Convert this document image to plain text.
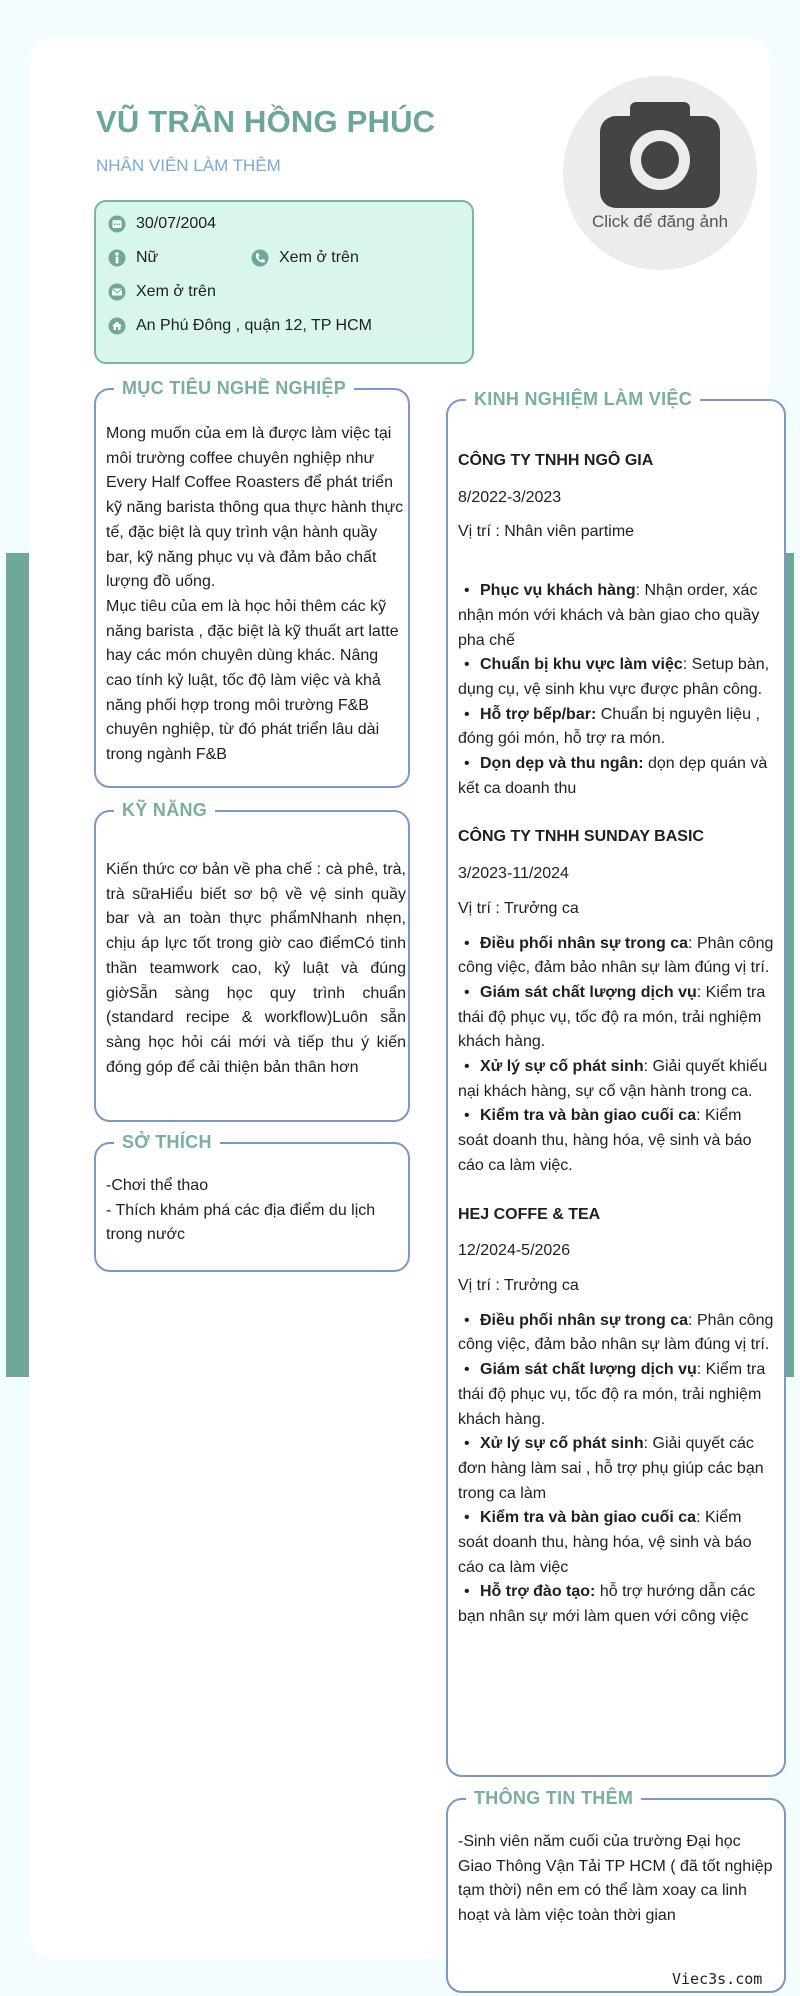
VŨ TRẦN HỒNG PHÚC
NHÂN VIÊN LÀM THÊM
Click để đăng ảnh
30/07/2004
Nữ	Xem ở trên
Xem ở trên
An Phú Đông , quận 12, TP HCM
MỤC TIÊU NGHỀ NGHIỆP
Mong muốn của em là được làm việc tại môi trường coffee chuyên nghiệp như Every Half Coffee Roasters để phát triển kỹ năng barista thông qua thực hành thực tế, đặc biệt là quy trình vận hành quầy bar, kỹ năng phục vụ và đảm bảo chất lượng đồ uống.
Mục tiêu của em là học hỏi thêm các kỹ năng barista , đặc biệt là kỹ thuất art latte hay các món chuyên dùng khác. Nâng cao tính kỷ luật, tốc độ làm việc và khả năng phối hợp trong môi trường F&B chuyên nghiệp, từ đó phát triển lâu dài trong ngành F&B
KỸ NĂNG
Kiến thức cơ bản về pha chế : cà phê, trà, trà sữaHiểu biết sơ bộ về vệ sinh quầy bar và an toàn thực phẩmNhanh nhẹn, chịu áp lực tốt trong giờ cao điểmCó tinh thần teamwork cao, kỷ luật và đúng giờSẵn sàng học quy trình chuẩn (standard recipe & workflow)Luôn sẵn sàng học hỏi cái mới và tiếp thu ý kiến đóng góp để cải thiện bản thân hơn
SỞ THÍCH
-Chơi thể thao
- Thích khám phá các địa điểm du lịch trong nước
KINH NGHIỆM LÀM VIỆC
CÔNG TY TNHH NGÔ GIA
8/2022-3/2023
Vị trí : Nhân viên partime
• Phục vụ khách hàng: Nhận order, xác nhận món với khách và bàn giao cho quầy pha chế
• Chuẩn bị khu vực làm việc: Setup bàn, dụng cụ, vệ sinh khu vực được phân công.
• Hỗ trợ bếp/bar: Chuẩn bị nguyên liệu , đóng gói món, hỗ trợ ra món.
• Dọn dẹp và thu ngân: dọn dẹp quán và kết ca doanh thu
CÔNG TY TNHH SUNDAY BASIC
3/2023-11/2024
Vị trí : Trưởng ca
• Điều phối nhân sự trong ca: Phân công công việc, đảm bảo nhân sự làm đúng vị trí.
• Giám sát chất lượng dịch vụ: Kiểm tra thái độ phục vụ, tốc độ ra món, trải nghiệm khách hàng.
• Xử lý sự cố phát sinh: Giải quyết khiếu nại khách hàng, sự cố vận hành trong ca.
• Kiểm tra và bàn giao cuối ca: Kiểm soát doanh thu, hàng hóa, vệ sinh và báo cáo ca làm việc.
HEJ COFFE & TEA
12/2024-5/2026
Vị trí : Trưởng ca
• Điều phối nhân sự trong ca: Phân công công việc, đảm bảo nhân sự làm đúng vị trí.
• Giám sát chất lượng dịch vụ: Kiểm tra thái độ phục vụ, tốc độ ra món, trải nghiệm khách hàng.
• Xử lý sự cố phát sinh: Giải quyết các đơn hàng làm sai , hỗ trợ phụ giúp các bạn trong ca làm
• Kiểm tra và bàn giao cuối ca: Kiểm soát doanh thu, hàng hóa, vệ sinh và báo cáo ca làm việc
• Hỗ trợ đào tạo: hỗ trợ hướng dẫn các bạn nhân sự mới làm quen với công việc
THÔNG TIN THÊM
-Sinh viên năm cuối của trường Đại học Giao Thông Vận Tải TP HCM ( đã tốt nghiệp tạm thời) nên em có thể làm xoay ca linh hoạt và làm việc toàn thời gian
Viec3s.com
